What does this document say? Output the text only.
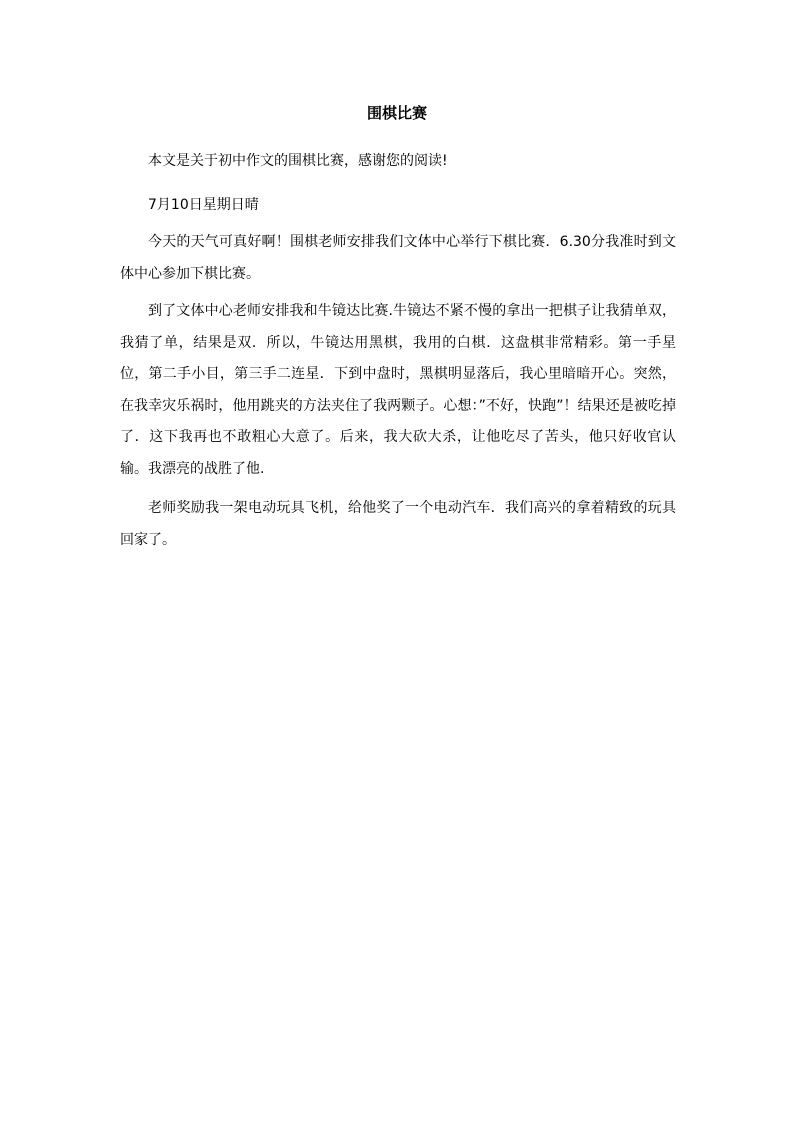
围棋比赛

本文是关于初中作文的围棋比赛，感谢您的阅读!

7月10日星期日晴

今天的天气可真好啊！围棋老师安排我们文体中心举行下棋比赛．6.30分我准时到文体中心参加下棋比赛。

到了文体中心老师安排我和牛镜达比赛.牛镜达不紧不慢的拿出一把棋子让我猜单双，我猜了单，结果是双．所以，牛镜达用黑棋，我用的白棋．这盘棋非常精彩。第一手星位，第二手小目，第三手二连星．下到中盘时，黑棋明显落后，我心里暗暗开心。突然，在我幸灾乐祸时，他用跳夹的方法夹住了我两颗子。心想：”不好，快跑”！结果还是被吃掉了．这下我再也不敢粗心大意了。后来，我大砍大杀，让他吃尽了苦头，他只好收官认输。我漂亮的战胜了他.

老师奖励我一架电动玩具飞机，给他奖了一个电动汽车．我们高兴的拿着精致的玩具回家了。
